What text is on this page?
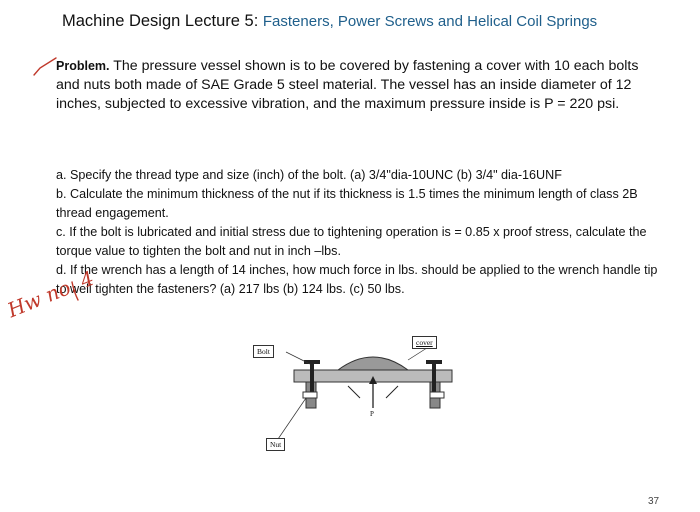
Machine Design Lecture 5: Fasteners, Power Screws and Helical Coil Springs
Problem. The pressure vessel shown is to be covered by fastening a cover with 10 each bolts and nuts both made of SAE Grade 5 steel material. The vessel has an inside diameter of 12 inches, subjected to excessive vibration, and the maximum pressure inside is P = 220 psi.

a. Specify the thread type and size (inch) of the bolt. (a) 3/4"dia-10UNC (b) 3/4" dia-16UNF

b. Calculate the minimum thickness of the nut if its thickness is 1.5 times the minimum length of class 2B thread engagement.

c. If the bolt is lubricated and initial stress due to tightening operation is = 0.85 x proof stress, calculate the torque value to tighten the bolt and nut in inch –lbs.

d. If the wrench has a length of 14 inches, how much force in lbs. should be applied to the wrench handle tip to well tighten the fasteners? (a) 217 lbs (b) 124 lbs. (c) 50 lbs.

Bolt
cover
Nut
P
Hw no. 4
37
